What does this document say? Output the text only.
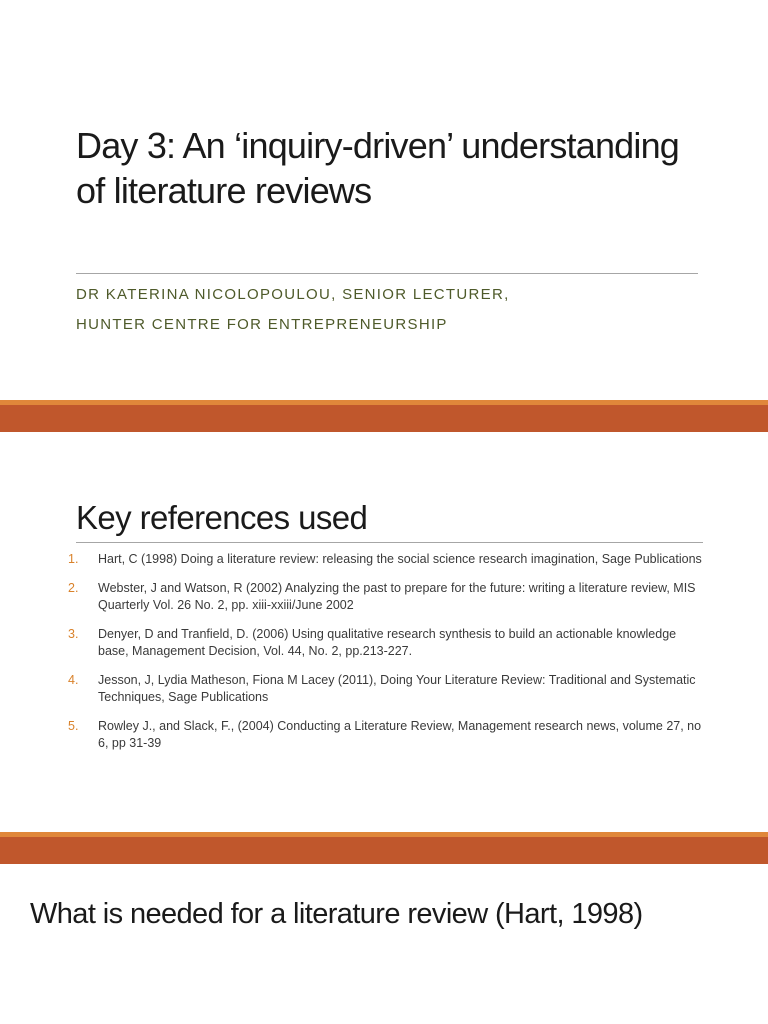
Day 3: An ‘inquiry-driven’ understanding of literature reviews

DR KATERINA NICOLOPOULOU, SENIOR LECTURER,

HUNTER CENTRE FOR ENTREPRENEURSHIP

Key references used
1.	Hart, C (1998) Doing a literature review: releasing the social science research imagination, Sage Publications
2.	Webster, J and Watson, R (2002) Analyzing the past to prepare for the future: writing a literature review, MIS Quarterly Vol. 26 No. 2, pp. xiii-xxiii/June 2002
3.	Denyer, D and Tranfield, D. (2006) Using qualitative research synthesis to build an actionable knowledge base, Management Decision, Vol. 44, No. 2, pp.213-227.
4.	Jesson, J, Lydia Matheson, Fiona M Lacey (2011), Doing Your Literature Review: Traditional and Systematic Techniques, Sage Publications
5.	Rowley J., and Slack, F., (2004) Conducting a Literature Review, Management research news, volume 27, no 6, pp 31-39
What is needed for a literature review (Hart, 1998)
